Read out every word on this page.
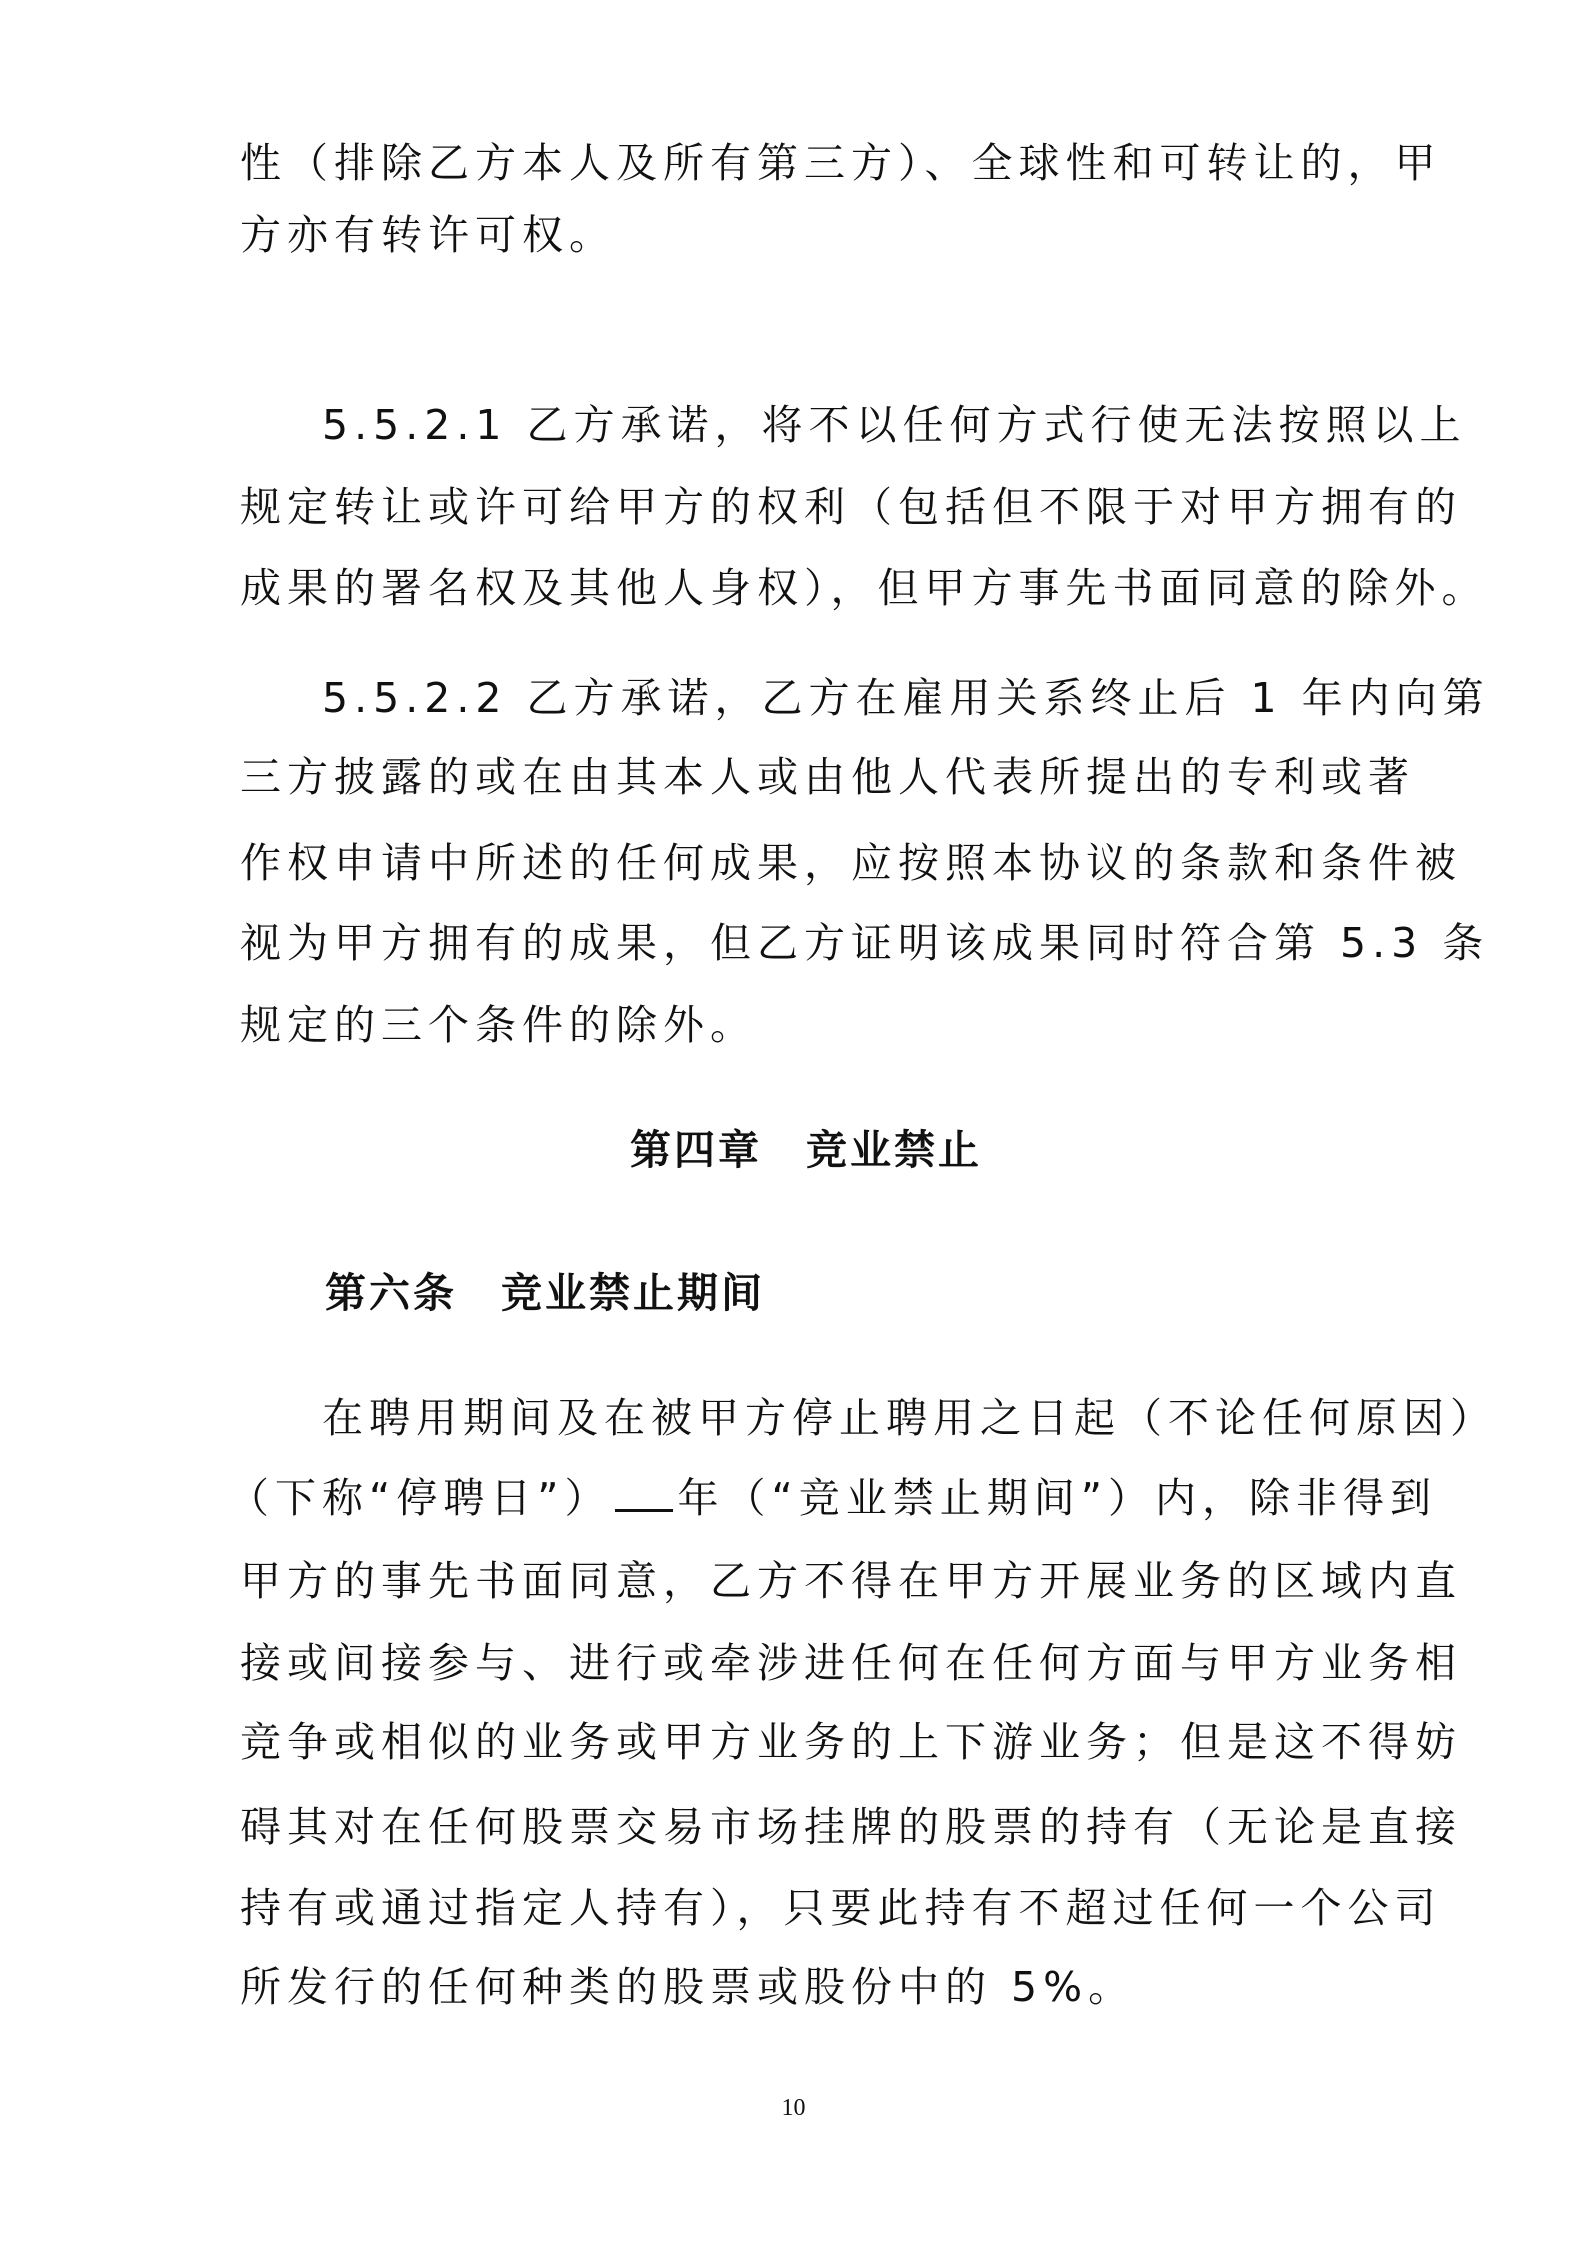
性（排除乙方本人及所有第三方）、全球性和可转让的，甲
方亦有转许可权。
5.5.2.1 乙方承诺，将不以任何方式行使无法按照以上
规定转让或许可给甲方的权利（包括但不限于对甲方拥有的
成果的署名权及其他人身权），但甲方事先书面同意的除外。
5.5.2.2 乙方承诺，乙方在雇用关系终止后 1 年内向第
三方披露的或在由其本人或由他人代表所提出的专利或著
作权申请中所述的任何成果，应按照本协议的条款和条件被
视为甲方拥有的成果，但乙方证明该成果同时符合第 5.3 条
规定的三个条件的除外。
第四章　竞业禁止
第六条　竞业禁止期间
在聘用期间及在被甲方停止聘用之日起（不论任何原因）
（下称“停聘日”） 年（“竞业禁止期间”）内，除非得到
甲方的事先书面同意，乙方不得在甲方开展业务的区域内直
接或间接参与、进行或牵涉进任何在任何方面与甲方业务相
竞争或相似的业务或甲方业务的上下游业务；但是这不得妨
碍其对在任何股票交易市场挂牌的股票的持有（无论是直接
持有或通过指定人持有），只要此持有不超过任何一个公司
所发行的任何种类的股票或股份中的 5%。
10
